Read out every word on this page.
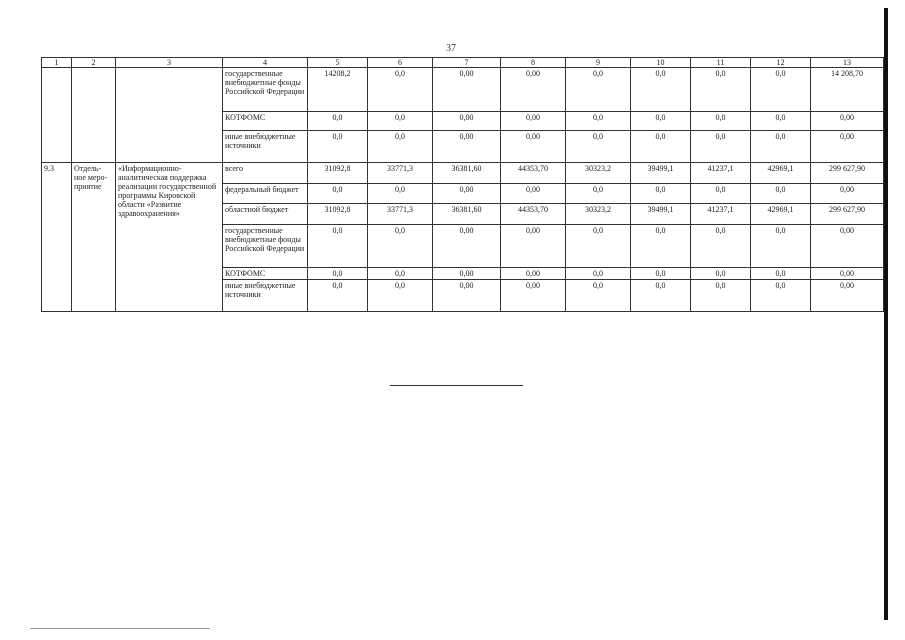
37
1	2	3	4	5	6	7	8	9	10	11	12	13
			государственные внебюджетные фонды Российской Федерации	14208,2	0,0	0,00	0,00	0,0	0,0	0,0	0,0	14 208,70
			КОТФОМС	0,0	0,0	0,00	0,00	0,0	0,0	0,0	0,0	0,00
			иные внебюджетные источники	0,0	0,0	0,00	0,00	0,0	0,0	0,0	0,0	0,00
9.3	Отдель-ное меро-приятие	«Информационно-аналитическая поддержка реализации государственной программы Кировской области «Развитие здравоохранения»	всего	31092,8	33771,3	36381,60	44353,70	30323,2	39499,1	41237,1	42969,1	299 627,90
			федеральный бюджет	0,0	0,0	0,00	0,00	0,0	0,0	0,0	0,0	0,00
			областной бюджет	31092,8	33771,3	36381,60	44353,70	30323,2	39499,1	41237,1	42969,1	299 627,90
			государственные внебюджетные фонды Российской Федерации	0,0	0,0	0,00	0,00	0,0	0,0	0,0	0,0	0,00
			КОТФОМС	0,0	0,0	0,00	0,00	0,0	0,0	0,0	0,0	0,00
			иные внебюджетные источники	0,0	0,0	0,00	0,00	0,0	0,0	0,0	0,0	0,00
